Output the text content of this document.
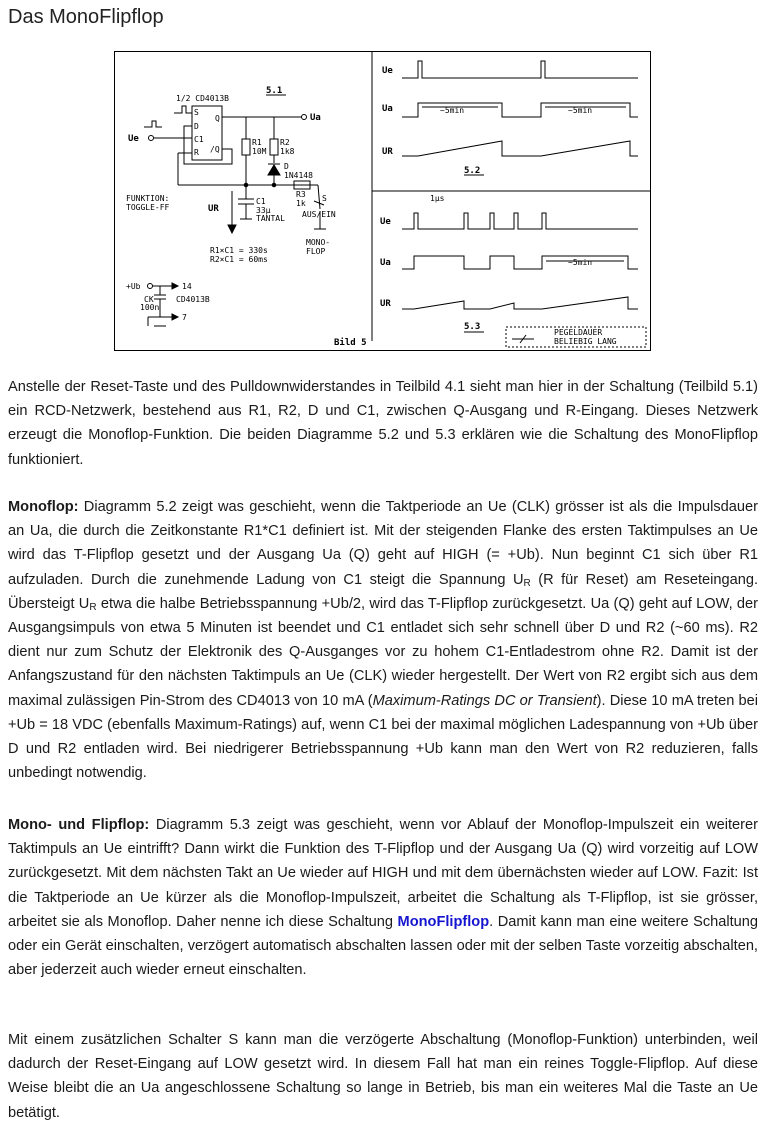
Das MonoFlipflop
5.1
1/2 CD4013B
S
D
C1
R
Q
/Q
Ue
Ua
R1
10M
R2
1k8
D
1N4148
R3
1k
S
AUS/EIN
MONO-
FLOP
C1
33µ
TANTAL
UR
FUNKTION:
TOGGLE-FF
R1×C1 = 330s
R2×C1 = 60ms
+Ub	14
CK
100n
CD4013B
7
Bild 5
Ue
Ua	~5min	~5min
UR
5.2
1µs
Ue
Ua	~5min
UR
5.3
PEGELDAUER
BELIEBIG LANG

Anstelle der Reset-Taste und des Pulldownwiderstandes in Teilbild 4.1 sieht man hier in der Schaltung (Teilbild 5.1) ein RCD-Netzwerk, bestehend aus R1, R2, D und C1, zwischen Q-Ausgang und R-Eingang. Dieses Netzwerk erzeugt die Monoflop-Funktion. Die beiden Diagramme 5.2 und 5.3 erklären wie die Schaltung des MonoFlipflop funktioniert.

Monoflop: Diagramm 5.2 zeigt was geschieht, wenn die Taktperiode an Ue (CLK) grösser ist als die Impulsdauer an Ua, die durch die Zeitkonstante R1*C1 definiert ist. Mit der steigenden Flanke des ersten Taktimpulses an Ue wird das T-Flipflop gesetzt und der Ausgang Ua (Q) geht auf HIGH (= +Ub). Nun beginnt C1 sich über R1 aufzuladen. Durch die zunehmende Ladung von C1 steigt die Spannung $U_R$ (R für Reset) am Reseteingang. Übersteigt $U_R$ etwa die halbe Betriebsspannung +Ub/2, wird das T-Flipflop zurückgesetzt. Ua (Q) geht auf LOW, der Ausgangsimpuls von etwa 5 Minuten ist beendet und C1 entladet sich sehr schnell über D und R2 (~60 ms). R2 dient nur zum Schutz der Elektronik des Q-Ausganges vor zu hohem C1-Entladestrom ohne R2. Damit ist der Anfangszustand für den nächsten Taktimpuls an Ue (CLK) wieder hergestellt. Der Wert von R2 ergibt sich aus dem maximal zulässigen Pin-Strom des CD4013 von 10 mA (Maximum-Ratings DC or Transient). Diese 10 mA treten bei +Ub = 18 VDC (ebenfalls Maximum-Ratings) auf, wenn C1 bei der maximal möglichen Ladespannung von +Ub über D und R2 entladen wird. Bei niedrigerer Betriebsspannung +Ub kann man den Wert von R2 reduzieren, falls unbedingt notwendig.

Mono- und Flipflop: Diagramm 5.3 zeigt was geschieht, wenn vor Ablauf der Monoflop-Impulszeit ein weiterer Taktimpuls an Ue eintrifft? Dann wirkt die Funktion des T-Flipflop und der Ausgang Ua (Q) wird vorzeitig auf LOW zurückgesetzt. Mit dem nächsten Takt an Ue wieder auf HIGH und mit dem übernächsten wieder auf LOW. Fazit: Ist die Taktperiode an Ue kürzer als die Monoflop-Impulszeit, arbeitet die Schaltung als T-Flipflop, ist sie grösser, arbeitet sie als Monoflop. Daher nenne ich diese Schaltung MonoFlipflop. Damit kann man eine weitere Schaltung oder ein Gerät einschalten, verzögert automatisch abschalten lassen oder mit der selben Taste vorzeitig abschalten, aber jederzeit auch wieder erneut einschalten.

Mit einem zusätzlichen Schalter S kann man die verzögerte Abschaltung (Monoflop-Funktion) unterbinden, weil dadurch der Reset-Eingang auf LOW gesetzt wird. In diesem Fall hat man ein reines Toggle-Flipflop. Auf diese Weise bleibt die an Ua angeschlossene Schaltung so lange in Betrieb, bis man ein weiteres Mal die Taste an Ue betätigt.
